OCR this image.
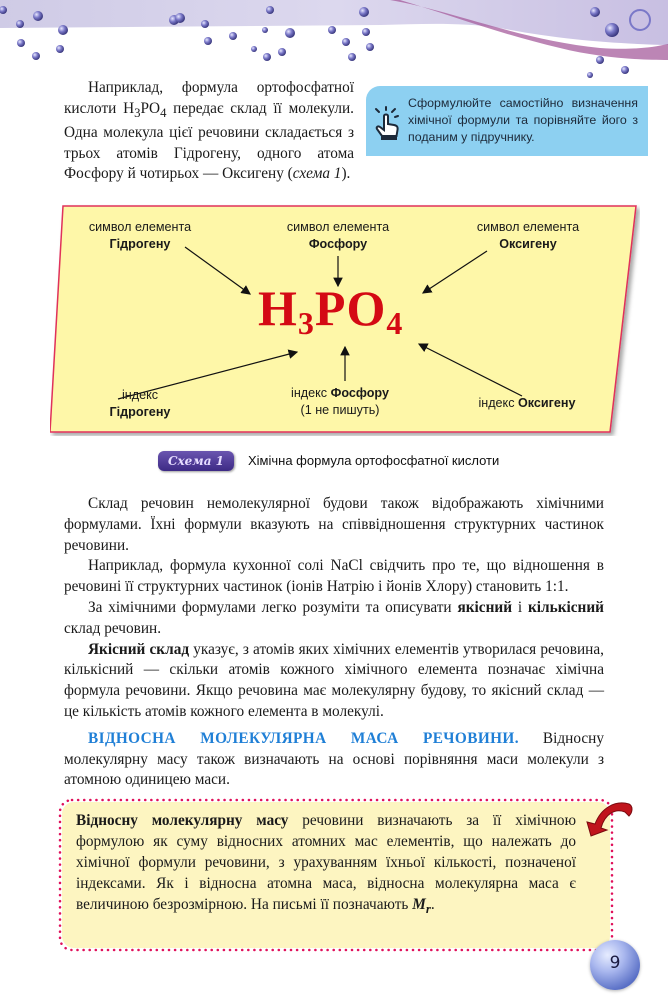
Наприклад, формула ортофосфатної кислоти $H_3PO_4$ передає склад її молекули. Одна молекула цієї речовини складається з трьох атомів Гідрогену, одного атома Фосфору й чотирьох — Оксигену (схема 1).

Сформулюйте самостійно визначення хімічної формули та порівняйте його з поданим у підручнику.
символ елемента
Гідрогену
символ елемента
Фосфору
символ елемента
Оксигену
$H_3PO_4$
індекс
Гідрогену
індекс Фосфору
(1 не пишуть)	індекс Оксигену
Схема 1	Хімічна формула ортофосфатної кислоти

Склад речовин немолекулярної будови також відображають хімічними формулами. Їхні формули вказують на співвідношення структурних частинок речовини.

Наприклад, формула кухонної солі NaCl свідчить про те, що відношення в речовині її структурних частинок (іонів Натрію і йонів Хлору) становить 1:1.

За хімічними формулами легко розуміти та описувати якісний і кількісний склад речовин.

Якісний склад указує, з атомів яких хімічних елементів утворилася речовина, кількісний — скільки атомів кожного хімічного елемента позначає хімічна формула речовини. Якщо речовина має молекулярну будову, то якісний склад — це кількість атомів кожного елемента в молекулі.

ВІДНОСНА МОЛЕКУЛЯРНА МАСА РЕЧОВИНИ. Відносну молекулярну масу також визначають на основі порівняння маси молекули з атомною одиницею маси.

Відносну молекулярну масу речовини визначають за її хімічною формулою як суму відносних атомних мас елементів, що належать до хімічної формули речовини, з урахуванням їхньої кількості, позначеної індексами. Як і відносна атомна маса, відносна молекулярна маса є величиною безрозмірною. На письмі її позначають $M_r$.
9
